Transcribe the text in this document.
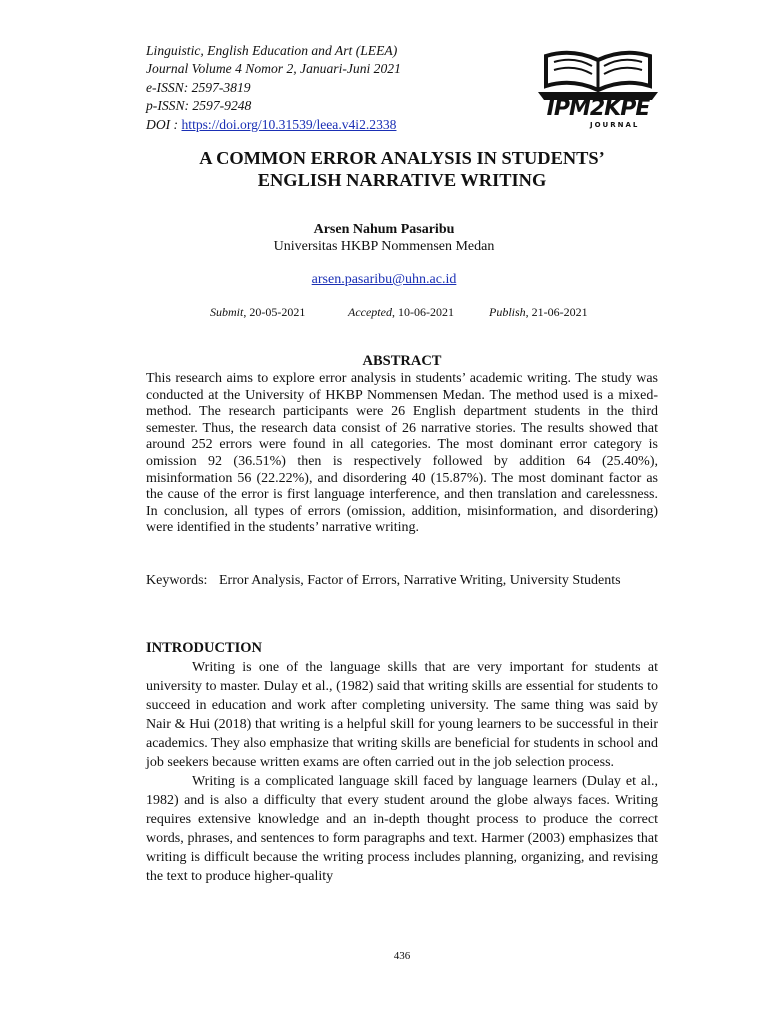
Linguistic, English Education and Art (LEEA)
Journal Volume 4 Nomor 2, Januari-Juni 2021
e-ISSN: 2597-3819
p-ISSN: 2597-9248
DOI : https://doi.org/10.31539/leea.v4i2.2338
IPM2KPE
JOURNAL
A COMMON ERROR ANALYSIS IN STUDENTS’
ENGLISH NARRATIVE WRITING
Arsen Nahum Pasaribu
Universitas HKBP Nommensen Medan
arsen.pasaribu@uhn.ac.id
Submit, 20-05-2021	Accepted, 10-06-2021	Publish, 21-06-2021
ABSTRACT
This research aims to explore error analysis in students’ academic writing. The study was conducted at the University of HKBP Nommensen Medan. The method used is a mixed-method. The research participants were 26 English department students in the third semester. Thus, the research data consist of 26 narrative stories. The results showed that around 252 errors were found in all categories. The most dominant error category is omission 92 (36.51%) then is respectively followed by addition 64 (25.40%), misinformation 56 (22.22%), and disordering 40 (15.87%). The most dominant factor as the cause of the error is first language interference, and then translation and carelessness. In conclusion, all types of errors (omission, addition, misinformation, and disordering) were identified in the students’ narrative writing.
Keywords: Error Analysis, Factor of Errors, Narrative Writing, University Students
INTRODUCTION

Writing is one of the language skills that are very important for students at university to master. Dulay et al., (1982) said that writing skills are essential for students to succeed in education and work after completing university. The same thing was said by Nair & Hui (2018) that writing is a helpful skill for young learners to be successful in their academics. They also emphasize that writing skills are beneficial for students in school and job seekers because written exams are often carried out in the job selection process.

Writing is a complicated language skill faced by language learners (Dulay et al., 1982) and is also a difficulty that every student around the globe always faces. Writing requires extensive knowledge and an in-depth thought process to produce the correct words, phrases, and sentences to form paragraphs and text. Harmer (2003) emphasizes that writing is difficult because the writing process includes planning, organizing, and revising the text to produce higher-quality

436
